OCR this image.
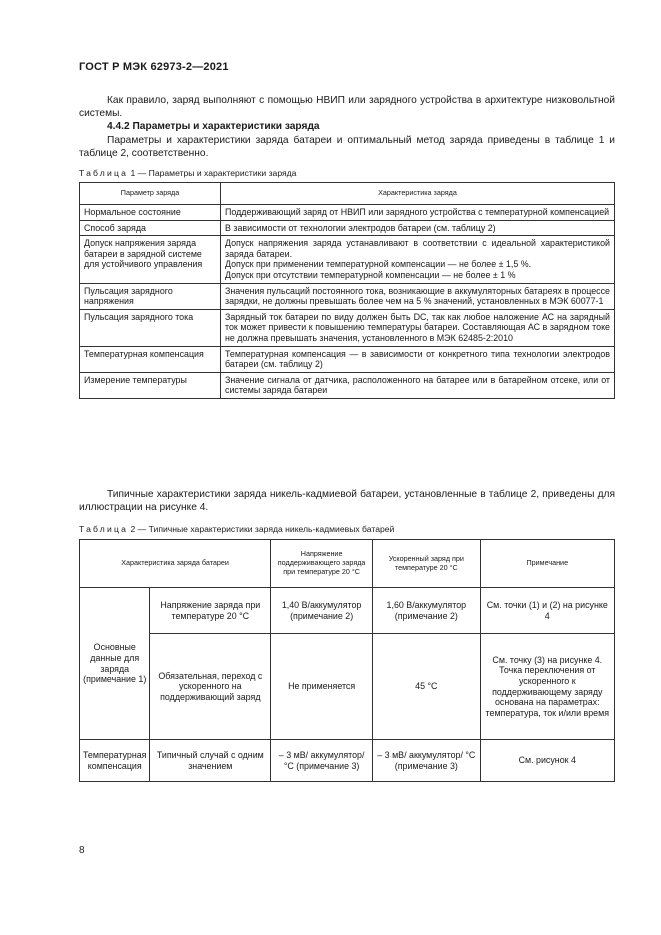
ГОСТ Р МЭК 62973-2—2021
Как правило, заряд выполняют с помощью НВИП или зарядного устройства в архитектуре низковольтной системы.
4.4.2 Параметры и характеристики заряда
Параметры и характеристики заряда батареи и оптимальный метод заряда приведены в таблице 1 и таблице 2, соответственно.
Таблица 1 — Параметры и характеристики заряда
Параметр заряда	Характеристика заряда
Нормальное состояние	Поддерживающий заряд от НВИП или зарядного устройства с температурной компенсацией
Способ заряда	В зависимости от технологии электродов батареи (см. таблицу 2)
Допуск напряжения заряда батареи в зарядной системе для устойчивого управления	Допуск напряжения заряда устанавливают в соответствии с идеальной характеристикой заряда батареи.
Допуск при применении температурной компенсации — не более ± 1,5 %.
Допуск при отсутствии температурной компенсации — не более ± 1 %

Пульсация зарядного напряжения	Значения пульсаций постоянного тока, возникающие в аккумуляторных батареях в процессе зарядки, не должны превышать более чем на 5 % значений, установленных в МЭК 60077-1
Пульсация зарядного тока	Зарядный ток батареи по виду должен быть DC, так как любое наложение АС на зарядный ток может привести к повышению температуры батареи. Составляющая АС в зарядном токе не должна превышать значения, установленного в МЭК 62485-2:2010
Температурная компенсация	Температурная компенсация — в зависимости от конкретного типа технологии электродов батареи (см. таблицу 2)
Измерение температуры	Значение сигнала от датчика, расположенного на батарее или в батарейном отсеке, или от системы заряда батареи
Типичные характеристики заряда никель-кадмиевой батареи, установленные в таблице 2, приведены для иллюстрации на рисунке 4.
Таблица 2 — Типичные характеристики заряда никель-кадмиевых батарей
Характеристика заряда батареи		Напряжение поддерживающего заряда при температуре 20 °С	Ускоренный заряд при температуре 20 °С	Примечание
Основные данные для заряда (примечание 1)	Напряжение заряда при температуре 20 °С	1,40 В/аккумулятор (примечание 2)	1,60 В/аккумулятор (примечание 2)	См. точки (1) и (2) на рисунке 4
	Обязательная, переход с ускоренного на поддерживающий заряд	Не применяется	45 °С	См. точку (3) на рисунке 4. Точка переключения от ускоренного к поддерживающему заряду основана на параметрах: температура, ток и/или время
Температурная компенсация	Типичный случай с одним значением	– 3 мВ/ аккумулятор/ °С (примечание 3)	– 3 мВ/ аккумулятор/ °С (примечание 3)	См. рисунок 4
8
